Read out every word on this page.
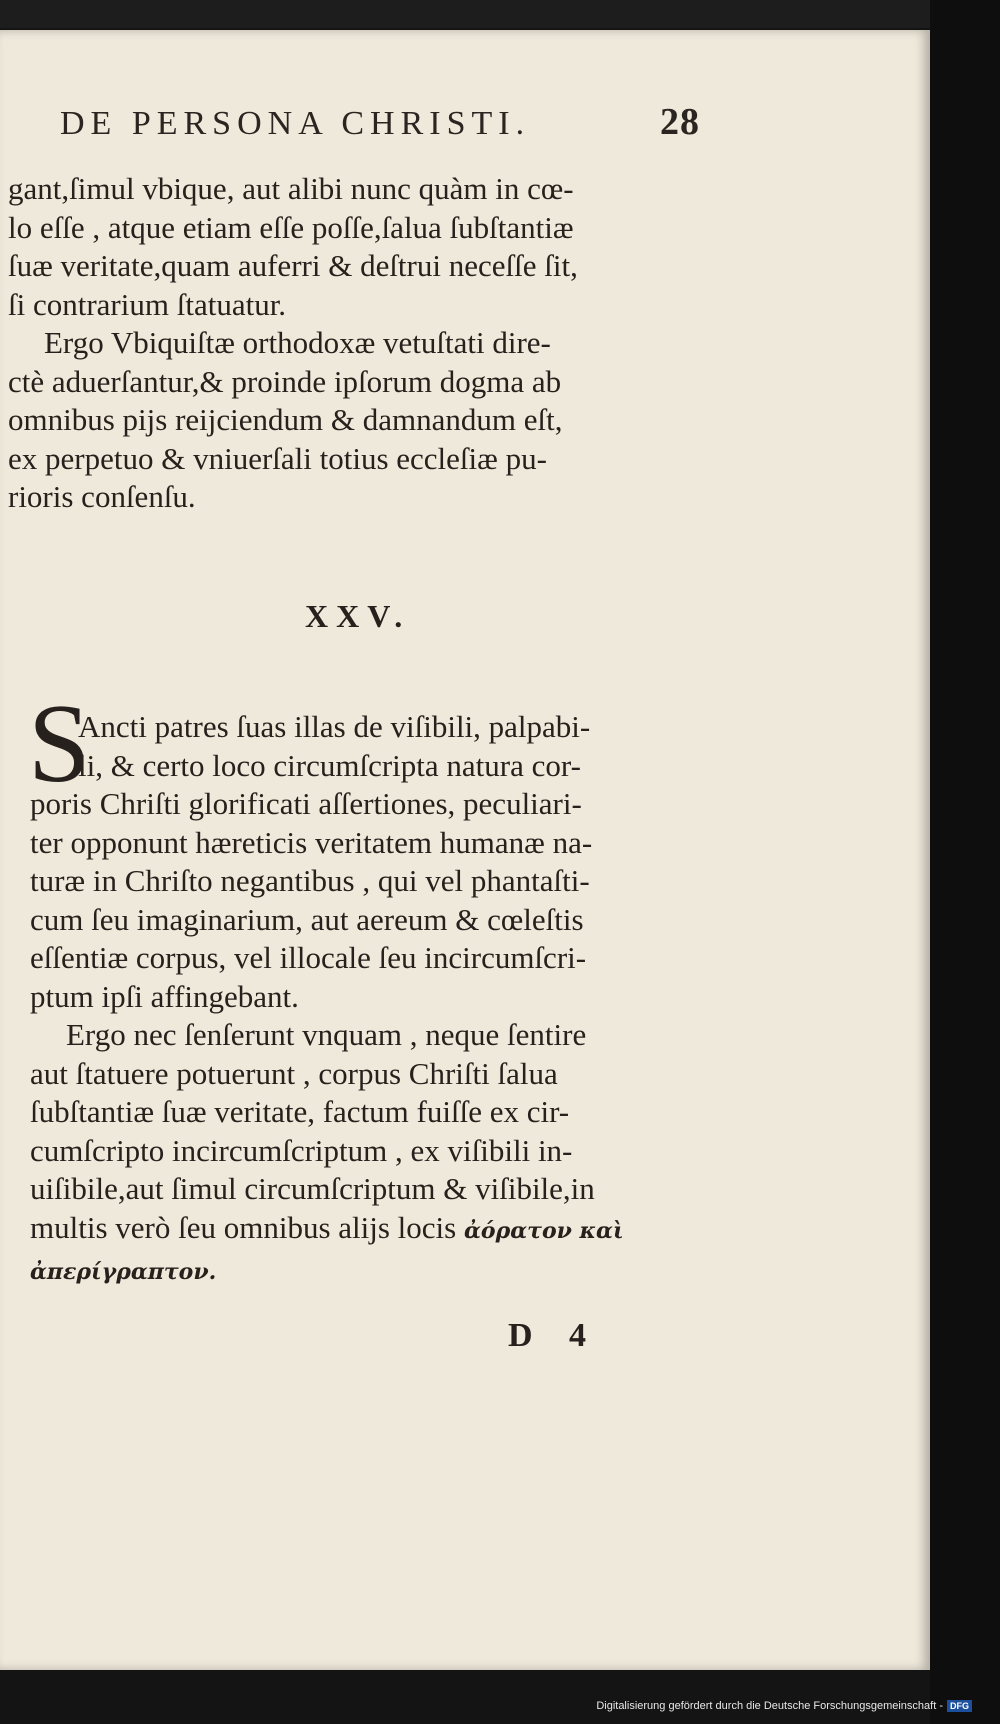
DE PERSONA CHRISTI.	28
gant,ſimul vbique, aut alibi nunc quàm in cœ-
lo eſſe , atque etiam eſſe poſſe,ſalua ſubſtantiæ
ſuæ veritate,quam auferri & deſtrui neceſſe ſit,
ſi contrarium ſtatuatur.
Ergo Vbiquiſtæ orthodoxæ vetuſtati dire-
ctè aduerſantur,& proinde ipſorum dogma ab
omnibus pijs reijciendum & damnandum eſt,
ex perpetuo & vniuerſali totius eccleſiæ pu-
rioris conſenſu.
XXV.
S
Ancti patres ſuas illas de viſibili, palpabi-
li, & certo loco circumſcripta natura cor-
poris Chriſti glorificati aſſertiones, peculiari-
ter opponunt hæreticis veritatem humanæ na-
turæ in Chriſto negantibus , qui vel phantaſti-
cum ſeu imaginarium, aut aereum & cœleſtis
eſſentiæ corpus, vel illocale ſeu incircumſcri-
ptum ipſi affingebant.
Ergo nec ſenſerunt vnquam , neque ſentire
aut ſtatuere potuerunt , corpus Chriſti ſalua
ſubſtantiæ ſuæ veritate, factum fuiſſe ex cir-
cumſcripto incircumſcriptum , ex viſibili in-
uiſibile,aut ſimul circumſcriptum & viſibile,in
multis verò ſeu omnibus alijs locis ἀόρατον καὶ
ἀπερίγραπτον.
D 4
Digitalisierung gefördert durch die Deutsche Forschungsgemeinschaft - DFG
